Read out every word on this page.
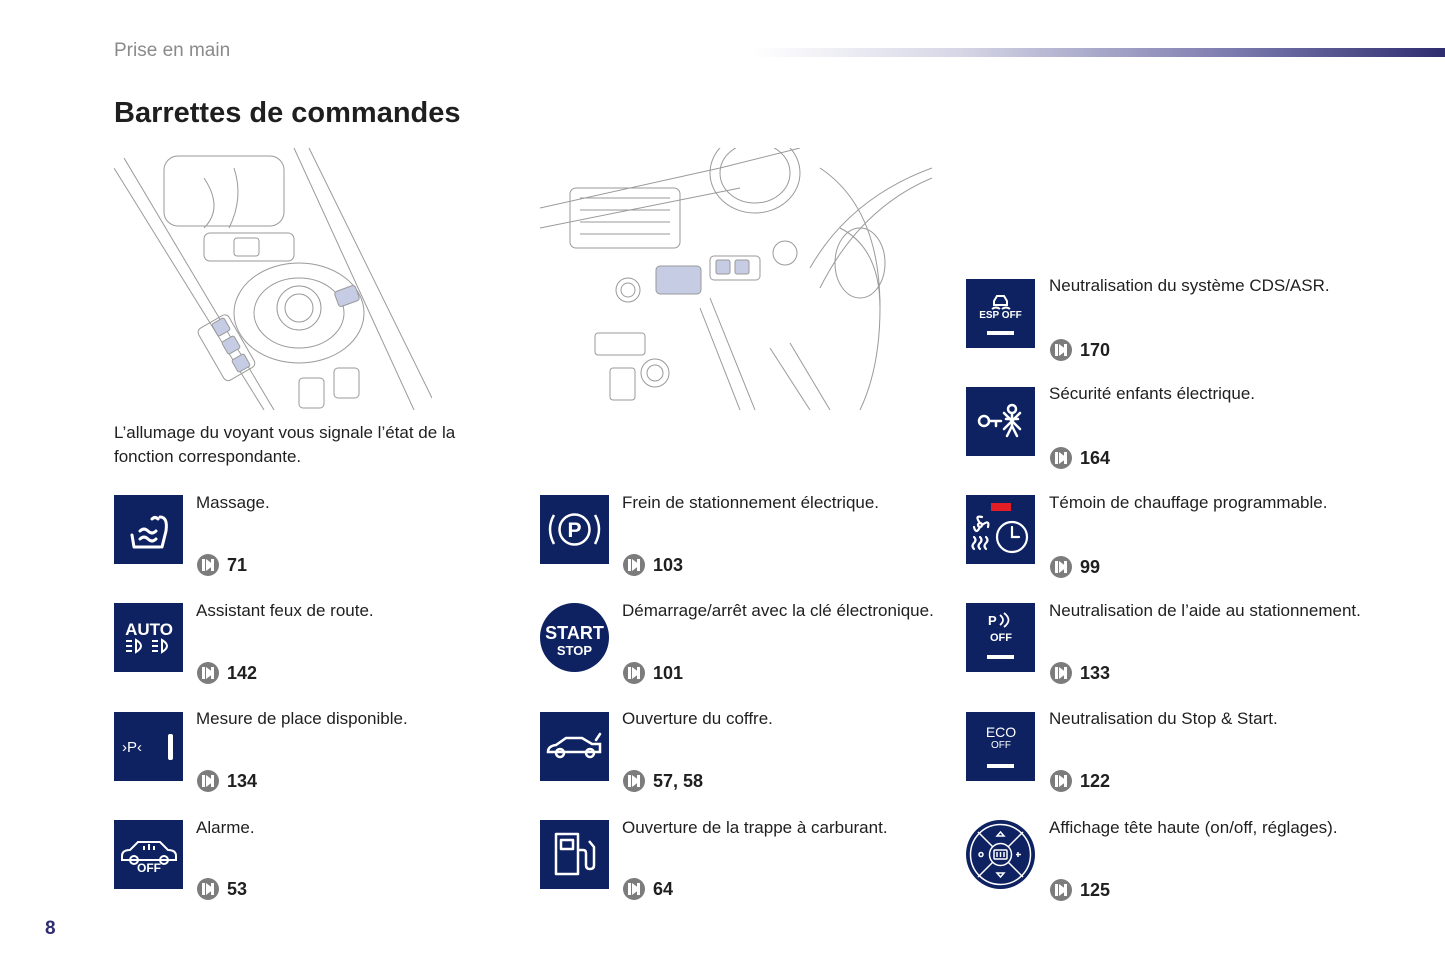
Prise en main
Barrettes de commandes
L’allumage du voyant vous signale l’état de la fonction correspondante.
Massage.
71
AUTO
Assistant feux de route.
142
›P‹
Mesure de place disponible.
134
OFF
Alarme.
53
P
Frein de stationnement électrique.
103
START
STOP
Démarrage/arrêt avec la clé électronique.
101
Ouverture du coffre.
57, 58
Ouverture de la trappe à carburant.
64
ESP OFF
Neutralisation du système CDS/ASR.
170
Sécurité enfants électrique.
164
Témoin de chauffage programmable.
99
P
OFF
Neutralisation de l’aide au stationnement.
133
ECO
OFF
Neutralisation du Stop & Start.
122
Affichage tête haute (on/off, réglages).
125
8
